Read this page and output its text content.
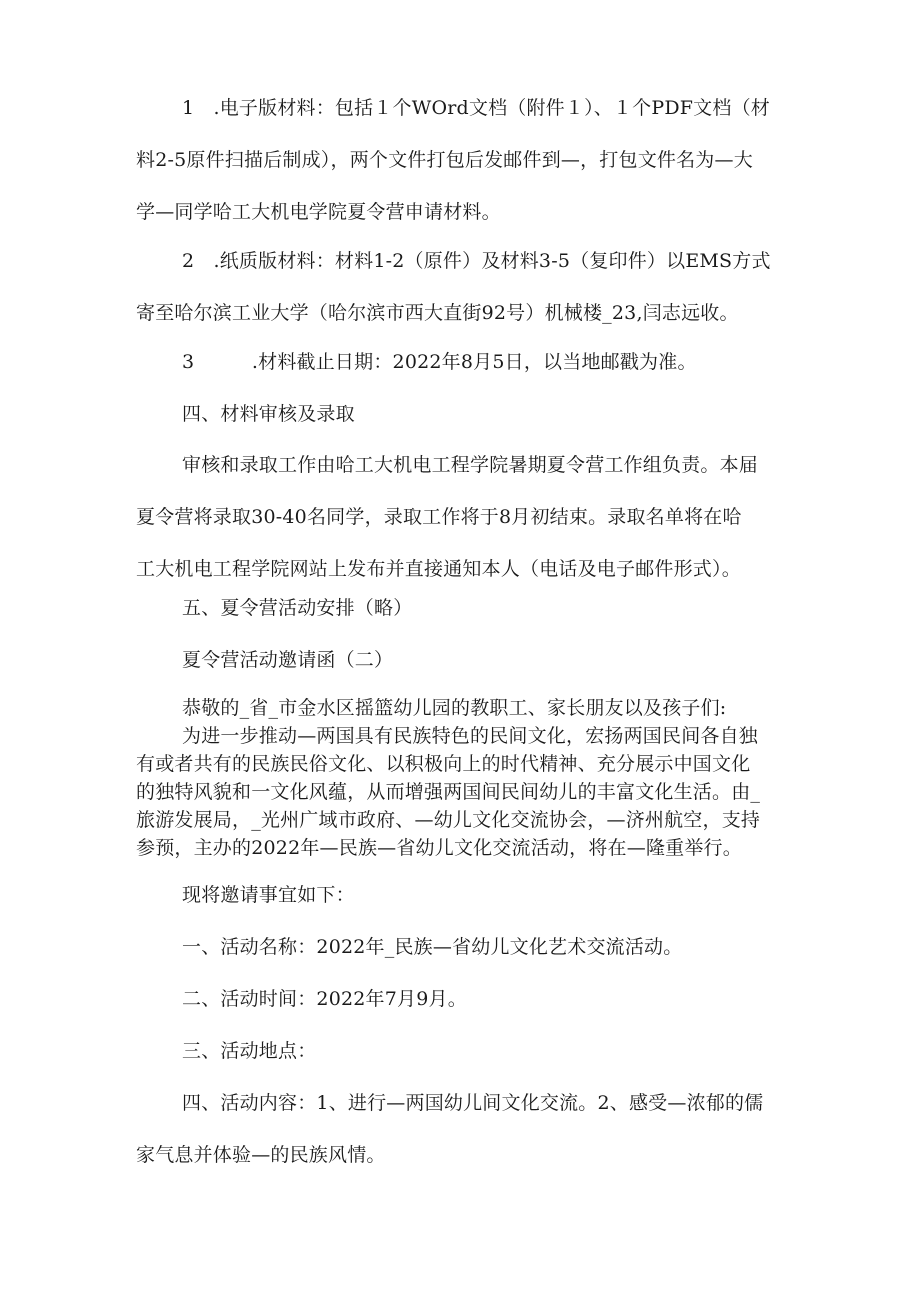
1　.电子版材料：包括１个WOrd文档（附件１）、１个PDF文档（材
料2-5原件扫描后制成），两个文件打包后发邮件到—，打包文件名为—大
学—同学哈工大机电学院夏令营申请材料。

2　.纸质版材料：材料1-2（原件）及材料3-5（复印件）以EMS方式
寄至哈尔滨工业大学（哈尔滨市西大直街92号）机械楼_23,闫志远收。

3　　　.材料截止日期：2022年8月5日，以当地邮戳为准。

四、材料审核及录取

审核和录取工作由哈工大机电工程学院暑期夏令营工作组负责。本届
夏令营将录取30-40名同学，录取工作将于8月初结束。录取名单将在哈
工大机电工程学院网站上发布并直接通知本人（电话及电子邮件形式）。

五、夏令营活动安排（略）

夏令营活动邀请函（二）

恭敬的_省_市金水区摇篮幼儿园的教职工、家长朋友以及孩子们:

为进一步推动—两国具有民族特色的民间文化，宏扬两国民间各自独
有或者共有的民族民俗文化、以积极向上的时代精神、充分展示中国文化
的独特风貌和一文化风蕴，从而增强两国间民间幼儿的丰富文化生活。由_
旅游发展局，_光州广域市政府、—幼儿文化交流协会，—济州航空，支持
参预，主办的2022年—民族—省幼儿文化交流活动，将在—隆重举行。

现将邀请事宜如下：

一、活动名称：2022年_民族—省幼儿文化艺术交流活动。

二、活动时间：2022年7月9月。

三、活动地点：

四、活动内容：1、进行—两国幼儿间文化交流。2、感受—浓郁的儒
家气息并体验—的民族风情。
